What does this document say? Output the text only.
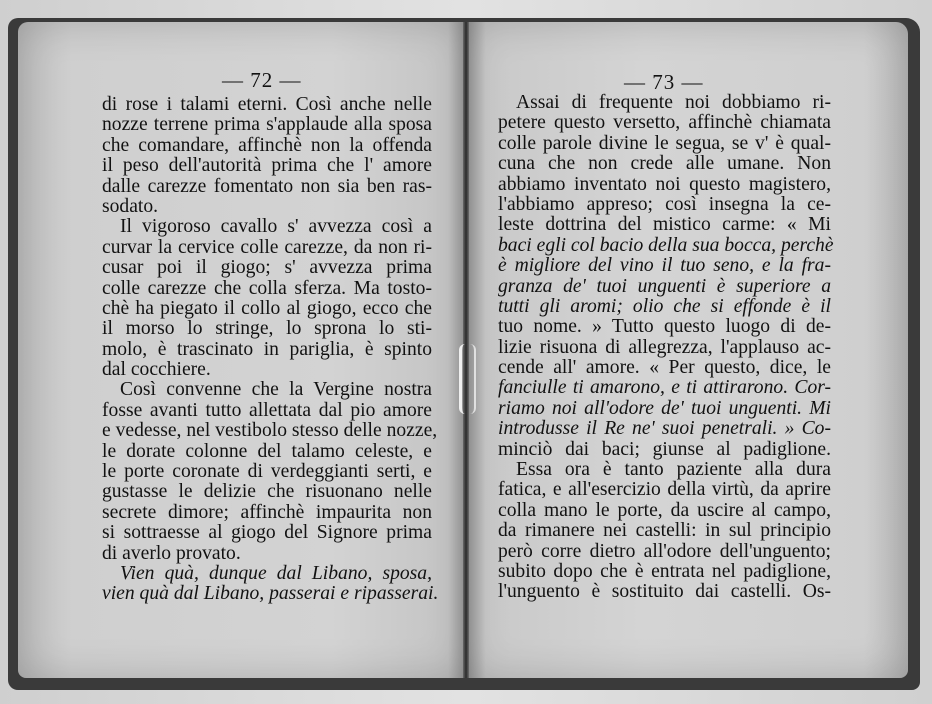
— 72 —
di rose i talami eterni. Così anche nelle
nozze terrene prima s'applaude alla sposa
che comandare, affinchè non la offenda
il peso dell'autorità prima che l' amore
dalle carezze fomentato non sia ben ras-
sodato.
Il vigoroso cavallo s' avvezza così a
curvar la cervice colle carezze, da non ri-
cusar poi il giogo; s' avvezza prima
colle carezze che colla sferza. Ma tosto-
chè ha piegato il collo al giogo, ecco che
il morso lo stringe, lo sprona lo sti-
molo, è trascinato in pariglia, è spinto
dal cocchiere.
Così convenne che la Vergine nostra
fosse avanti tutto allettata dal pio amore
e vedesse, nel vestibolo stesso delle nozze,
le dorate colonne del talamo celeste, e
le porte coronate di verdeggianti serti, e
gustasse le delizie che risuonano nelle
secrete dimore; affinchè impaurita non
si sottraesse al giogo del Signore prima
di averlo provato.
Vien quà, dunque dal Libano, sposa,
vien quà dal Libano, passerai e ripasserai.
— 73 —
Assai di frequente noi dobbiamo ri-
petere questo versetto, affinchè chiamata
colle parole divine le segua, se v' è qual-
cuna che non crede alle umane. Non
abbiamo inventato noi questo magistero,
l'abbiamo appreso; così insegna la ce-
leste dottrina del mistico carme: « Mi
baci egli col bacio della sua bocca, perchè
è migliore del vino il tuo seno, e la fra-
granza de' tuoi unguenti è superiore a
tutti gli aromi; olio che si effonde è il
tuo nome. » Tutto questo luogo di de-
lizie risuona di allegrezza, l'applauso ac-
cende all' amore. « Per questo, dice, le
fanciulle ti amarono, e ti attirarono. Cor-
riamo noi all'odore de' tuoi unguenti. Mi
introdusse il Re ne' suoi penetrali. » Co-
minciò dai baci; giunse al padiglione.
Essa ora è tanto paziente alla dura
fatica, e all'esercizio della virtù, da aprire
colla mano le porte, da uscire al campo,
da rimanere nei castelli: in sul principio
però corre dietro all'odore dell'unguento;
subito dopo che è entrata nel padiglione,
l'unguento è sostituito dai castelli. Os-
